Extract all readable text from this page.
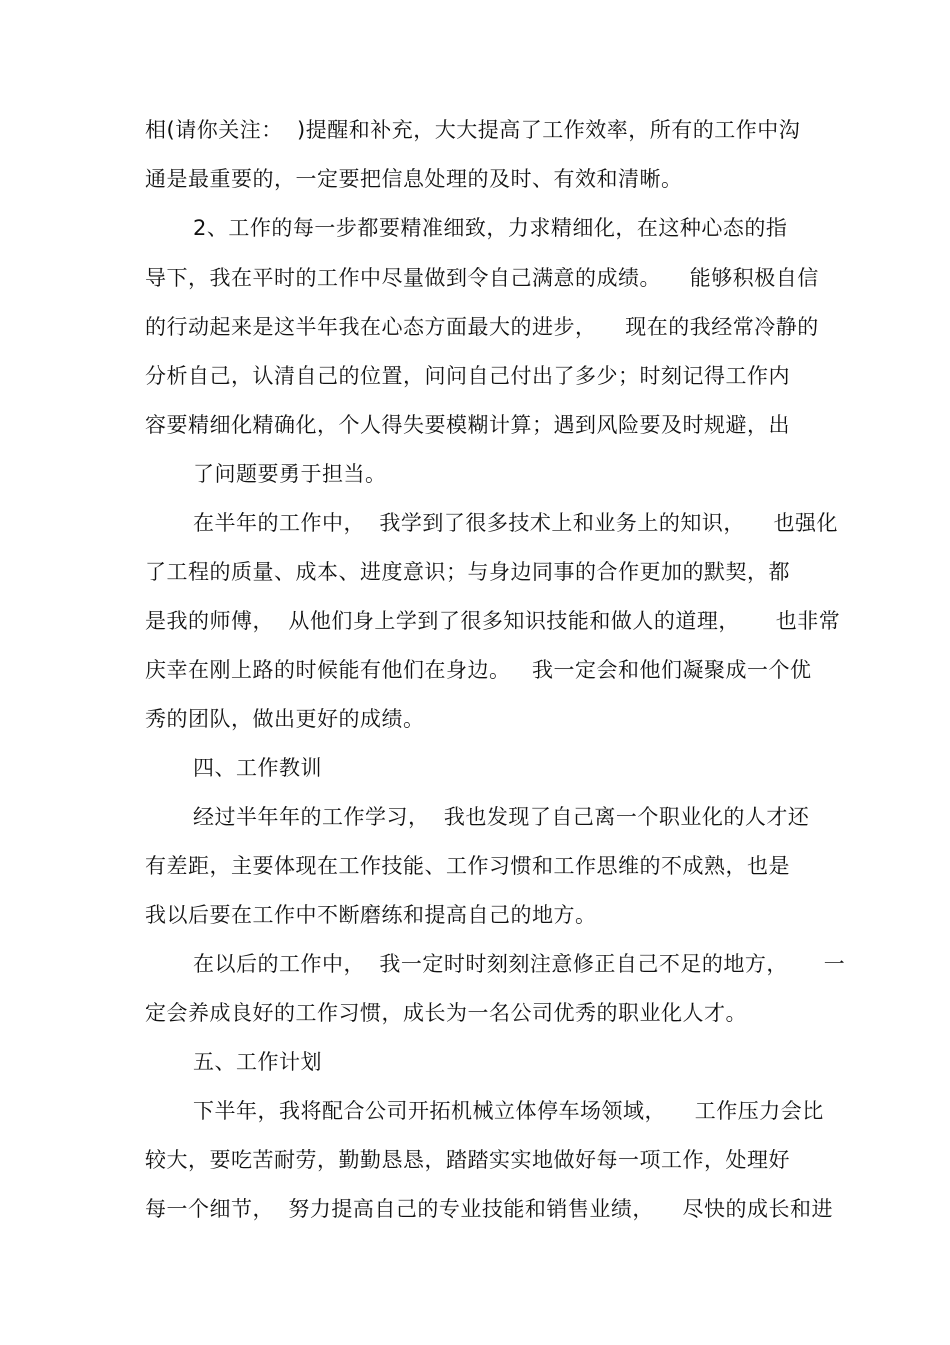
相(请你关注：  )提醒和补充，大大提高了工作效率，所有的工作中沟
通是最重要的，一定要把信息处理的及时、有效和清晰。
2、工作的每一步都要精准细致，力求精细化，在这种心态的指
导下，我在平时的工作中尽量做到令自己满意的成绩。    能够积极自信
的行动起来是这半年我在心态方面最大的进步，    现在的我经常冷静的
分析自己，认清自己的位置，问问自己付出了多少；时刻记得工作内
容要精细化精确化，个人得失要模糊计算；遇到风险要及时规避，出
了问题要勇于担当。
在半年的工作中，  我学到了很多技术上和业务上的知识，    也强化
了工程的质量、成本、进度意识；与身边同事的合作更加的默契，都
是我的师傅，  从他们身上学到了很多知识技能和做人的道理，     也非常
庆幸在刚上路的时候能有他们在身边。   我一定会和他们凝聚成一个优
秀的团队，做出更好的成绩。
四、工作教训
经过半年年的工作学习，  我也发现了自己离一个职业化的人才还
有差距，主要体现在工作技能、工作习惯和工作思维的不成熟，也是
我以后要在工作中不断磨练和提高自己的地方。
在以后的工作中，  我一定时时刻刻注意修正自己不足的地方，     一
定会养成良好的工作习惯，成长为一名公司优秀的职业化人才。
五、工作计划
下半年，我将配合公司开拓机械立体停车场领域，    工作压力会比
较大，要吃苦耐劳，勤勤恳恳，踏踏实实地做好每一项工作，处理好
每一个细节，  努力提高自己的专业技能和销售业绩，    尽快的成长和进
